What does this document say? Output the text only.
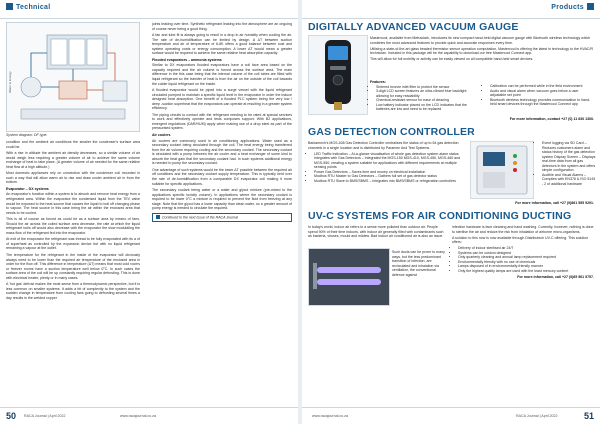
Technical
Water to Energy
System diagram: DF type.

condition and the ambient air conditions the smaller the condenser's surface area could be.

With a rise in altitude the ambient air density decreases, so a similar volume of air would weigh less requiring a greater volume of air to achieve the same volume exchange of heat to take place. (A greater volume of air needed for the same relative heat flow at a high altitude.)

Most domestic appliances rely on convection with the condenser coil mounted in such a way that will allow warm air to rise and draw cooler ambient air in from the bottom.

Evaporator – DX systems

An evaporator's function within a system is to absorb and remove heat energy from a refrigerated area. Within the evaporator the condensed liquid from the TEV valve would be exposed to the heat source that causes the liquid to boil off changing phase to vapour. The heat source in this case being the air within the enclosed area that needs to be cooled.

This is all of course as forced as could be as a surface area by means of fans. Should the air across the coiled surface area decrease, the rate at which the liquid refrigerant boils off would also decrease with the evaporator the slow modulating the mass flow of the refrigerant fed into the evaporator.

At exit of the evaporator the refrigerant was thread to be fully evaporated with its a of of superheat as controlled by the expansion device but with no liquid refrigerant remaining a vapour at the outlet.

The temperature for the refrigerant in the inside of the evaporator will obviously always need to be lower than the required air temperature of the enclosed area in order for the flow off. This difference in temperature (ΔT) means that most cold rooms or freezer rooms have a suction temperature well below 0°C. In such cases the surface area of the coil will be up constantly requiring regular defrosting. This is done with electrical heater, plenty or in many cases.

A 'hot gas' defrost makes the most sense from a thermodynamic perspective, but it is less common on smaller systems. It adds a bit of complexity to the system and the sudden change in temperature from cooling fans going to defrosting several times a day results in the welded copper

joints leaking over time. Synthetic refrigerant leaking into the atmosphere are an ongoing of course never being a good thing.

A fan and tube fit is always going to result in a drop in air humidity when cooling the air. The rate of de-humidification can be limited by design. A ΔT between suction temperature and air of temperature of 6-8K offers a good balance between cost and system operating costs or energy consumption. A lower ΔT would mean a greater surface would be required to achieve the same relative heat absorption capacity.

Flooded evaporators – ammonia systems

Similar to DX evaporators flooded evaporators have a coil face area based on the capacity required and the air volume is forced across the surface area. The main difference in the this case being that the internal volume of the coil tubes are filled with liquid refrigerant so the transfer of heat is from the air on the outside of the coil towards the colder liquid refrigerant on the inside.

A flooded evaporator would be piped into a surge vessel with the liquid refrigerant circulated pumped to maintain a specific liquid level in the evaporator in order the induce designed heat absorption. One benefit of a flooded PLC system being the very low / deep -suction superheat that the evaporators can operate at resulting in a greater system efficiency.

The piping circuits to contact with the refrigerant needing to be rated at special services to work and effectively operate and tests composes support. With B2 applications, emergent regulations (DAR/HUM) apply when making use of a drop steel as part of the pressurised system.

Air coolers

Air coolers are commonly used in air conditioning applications. Water used as a secondary coolant being circulated through the coil. The heat energy being transferred from the air volume requiring cooling and the secondary coolant. The secondary coolant is circulated with a pump between the air cooler and a heat exchanger of some kind to absorb the heat gain that the secondary coolant had. In such systems additional energy is needed to pump the secondary coolant.

One advantage of such systems would be the lower ΔT possible between the required air off conditions and the secondary coolant supply temperature. This is typically held over the rate of de-humidification from a comparable DX evaporator coil making it more suitable for specific applications.

The secondary coolant being water or a water and glycol mixture (pre-mixed to the applications specific toxicity volume). In applications where the secondary coolant is required to be lower 0°C a mixture is required to prevent the fluid from freezing at any stage. Note that the glycol has a lower capacity than clean water, so a greater amount of pump energy is needed to circulate the required.

Continued in the next issue of the RACA Journal
50 RACA Journal | April 2022	www.racajournal.co.za
Products
DIGITALLY ADVANCED VACUUM GAUGE

Mastercool, available from Metraclark, introduces its new compact hand-held digital vacuum gauge with Bluetooth wireless technology which combines the most advanced features to provide quick and accurate responses every time.

Utilising a state-of-the-art glass beaded thermistor sensor operation computation, Mastercool is offering the latest in technology to the HVAC/R technician. Included in this package will be the capability to download our free Mastercool Connect app.

This will allow for full mobility or activity can be easily viewed on all compatible hand-held smart devices.

Features:
• Sintered bronze inlet filter to protect the sensor
• 3-digit LCD screen features an ultra-vibrant blue backlight allowing for easy readability
• Chemical-resistant sensor for ease of cleaning
• Low battery indicator placed on the LCD indicates that the batteries are low and need to be replaced
• Calibration can be performed while in the field environment
• Audio and visual alarm when vacuum goes below a user adjustable set point
• Bluetooth wireless technology provides communication to hand-held smart devices through the Mastercool Connect app
For more information, contact +27 (0) 11 630 1300.
GAS DETECTION CONTROLLER

Barkamech's MGS-408 Gas Detection Controller centralises the status of up to 64 gas detection channels in a single location and is distributed by Paramec And Test Systems.

• LED Traffic Indication – At-a-glance visualisation of whole gas detection system alarm status Integrates with Gas Detectors – Integrated the MGS-150 MGS-410, MGS-450, MGS-460 and MGS-550, creating a system suitable for applications with different requirements at multiple sensing points
• Power Gas Detectors – Saves time and money on electrical installation
• Modbus RTU Master to Gas Detectors – Gathers full set of gas detector status
• Modbus RTU Slave to BMS/SBMS – Integrates into BMS/SBMS or refrigeration controllers
• Event logging via SD Card – Reduces customers alarm and status history of the gas detection system Display Screen – Displays real-time data from all gas detectors in the system and offers simple configuration
• Audible and Visual Alarms – Complies with EN378 & ISO 5149 - 2 of additional hardware
For more information, call +27 (0)861 555 9291.
UV-C SYSTEMS FOR AIR CONDITIONING DUCTING

In today's world, indoor air refers to a sense more polluted than outdoor air. People spend 90% of their time indoors, with indoor air generally filled with contaminants such as bacteria, viruses, mould and mildew. Bad indoor air conditioned air is also an issue.

Such ducts can be prone to many ways, but the less predominant transition of infection, are recirculated and inhalation via ventilation, the conventional defence against

infection hardware is face cleaning and hand washing. Currently, however, nothing is done to sterilise the air and reduce the risk from inhalation of airborne micro-organisms.

A solution to this now is now available through Distributech UV-C offering. This solution offers:

• Delivery of indoor sterilised air 24/7
• Systems can be custom designed
• Only quarterly cleaning and annual lamp replacement required
• Environmentally friendly with no use of chemicals
• Lamps disposed of in environmentally-friendly manner
• Only the highest quality lamps are used with the least mercury content
For more information, call +27 (0)65 561 5757.
www.racajournal.co.za	RACA Journal | April 2022	51
